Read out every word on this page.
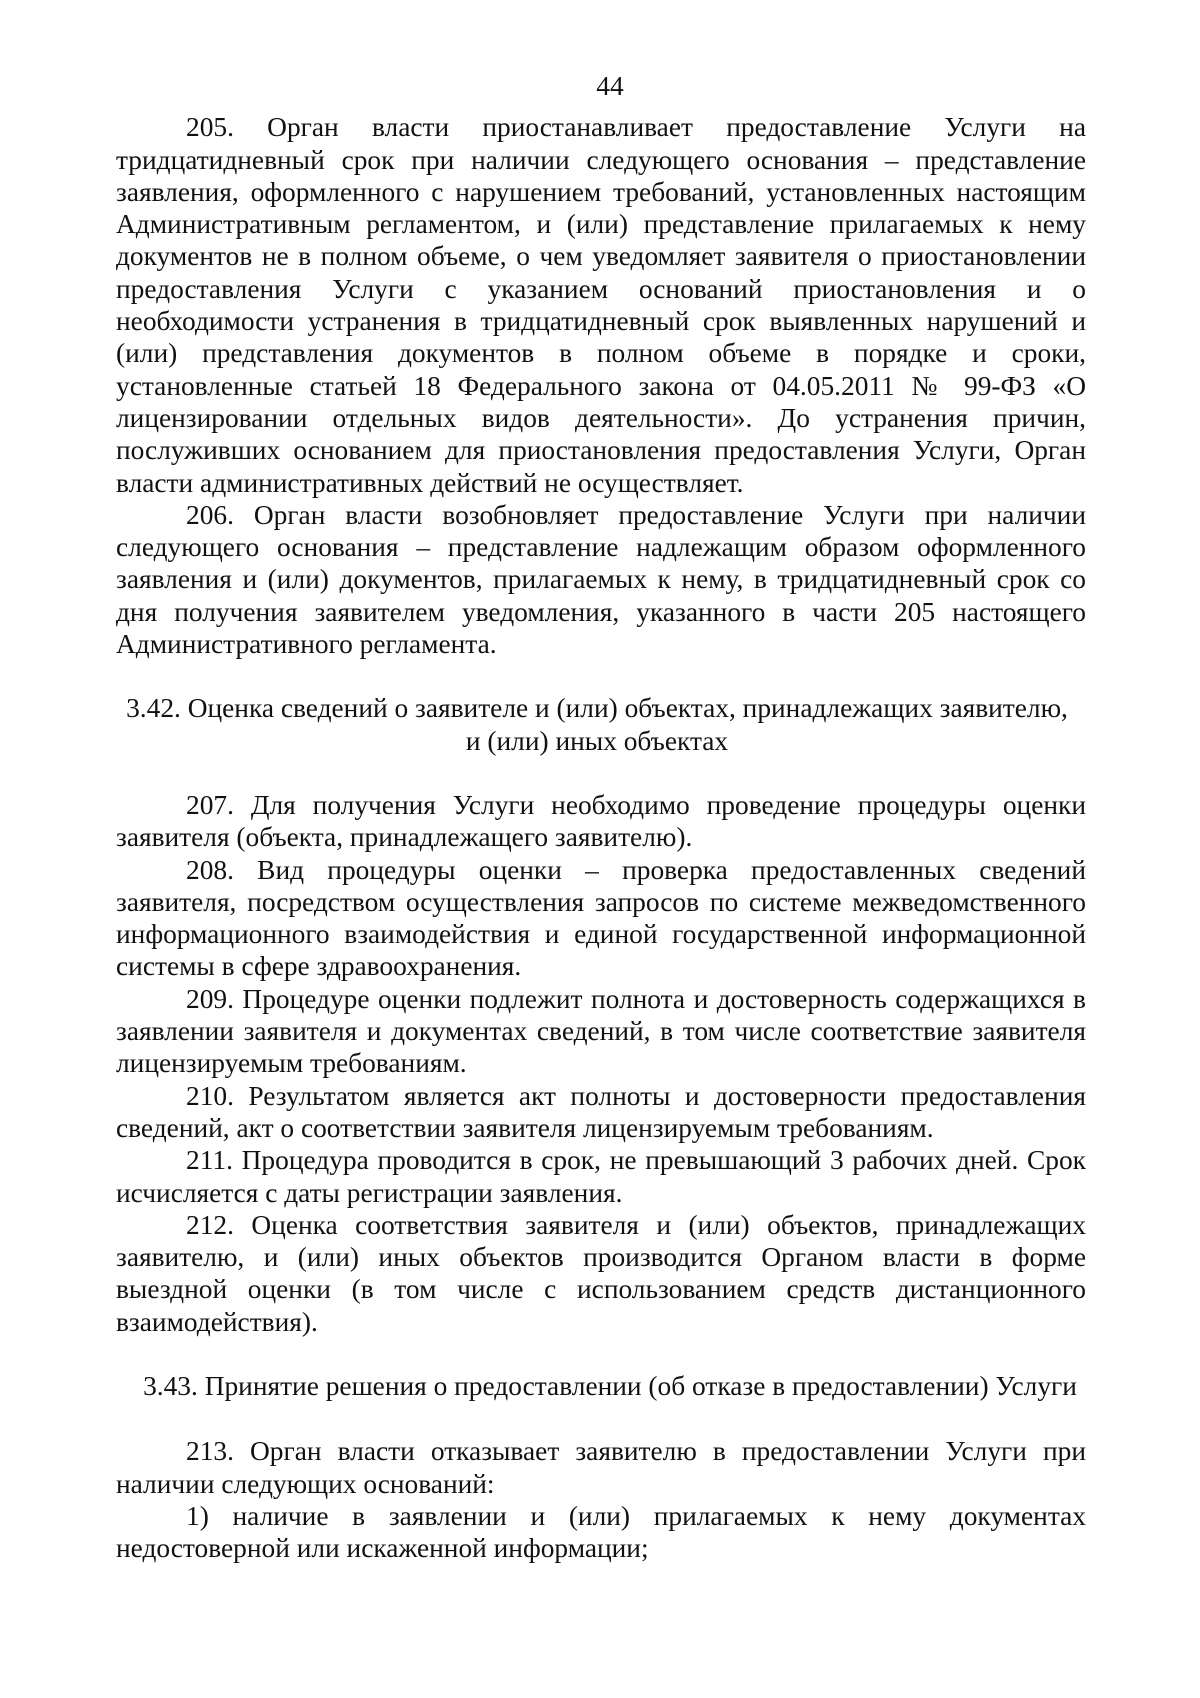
44

205. Орган власти приостанавливает предоставление Услуги на тридцатидневный срок при наличии следующего основания – представление заявления, оформленного с нарушением требований, установленных настоящим Административным регламентом, и (или) представление прилагаемых к нему документов не в полном объеме, о чем уведомляет заявителя о приостановлении предоставления Услуги с указанием оснований приостановления и о необходимости устранения в тридцатидневный срок выявленных нарушений и (или) представления документов в полном объеме в порядке и сроки, установленные статьей 18 Федерального закона от 04.05.2011 № 99-ФЗ «О лицензировании отдельных видов деятельности». До устранения причин, послуживших основанием для приостановления предоставления Услуги, Орган власти административных действий не осуществляет.

206. Орган власти возобновляет предоставление Услуги при наличии следующего основания – представление надлежащим образом оформленного заявления и (или) документов, прилагаемых к нему, в тридцатидневный срок со дня получения заявителем уведомления, указанного в части 205 настоящего Административного регламента.

3.42. Оценка сведений о заявителе и (или) объектах, принадлежащих заявителю, и (или) иных объектах

207. Для получения Услуги необходимо проведение процедуры оценки заявителя (объекта, принадлежащего заявителю).

208. Вид процедуры оценки – проверка предоставленных сведений заявителя, посредством осуществления запросов по системе межведомственного информационного взаимодействия и единой государственной информационной системы в сфере здравоохранения.

209. Процедуре оценки подлежит полнота и достоверность содержащихся в заявлении заявителя и документах сведений, в том числе соответствие заявителя лицензируемым требованиям.

210. Результатом является акт полноты и достоверности предоставления сведений, акт о соответствии заявителя лицензируемым требованиям.

211. Процедура проводится в срок, не превышающий 3 рабочих дней. Срок исчисляется с даты регистрации заявления.

212. Оценка соответствия заявителя и (или) объектов, принадлежащих заявителю, и (или) иных объектов производится Органом власти в форме выездной оценки (в том числе с использованием средств дистанционного взаимодействия).

3.43. Принятие решения о предоставлении (об отказе в предоставлении) Услуги

213. Орган власти отказывает заявителю в предоставлении Услуги при наличии следующих оснований:

1) наличие в заявлении и (или) прилагаемых к нему документах недостоверной или искаженной информации;
